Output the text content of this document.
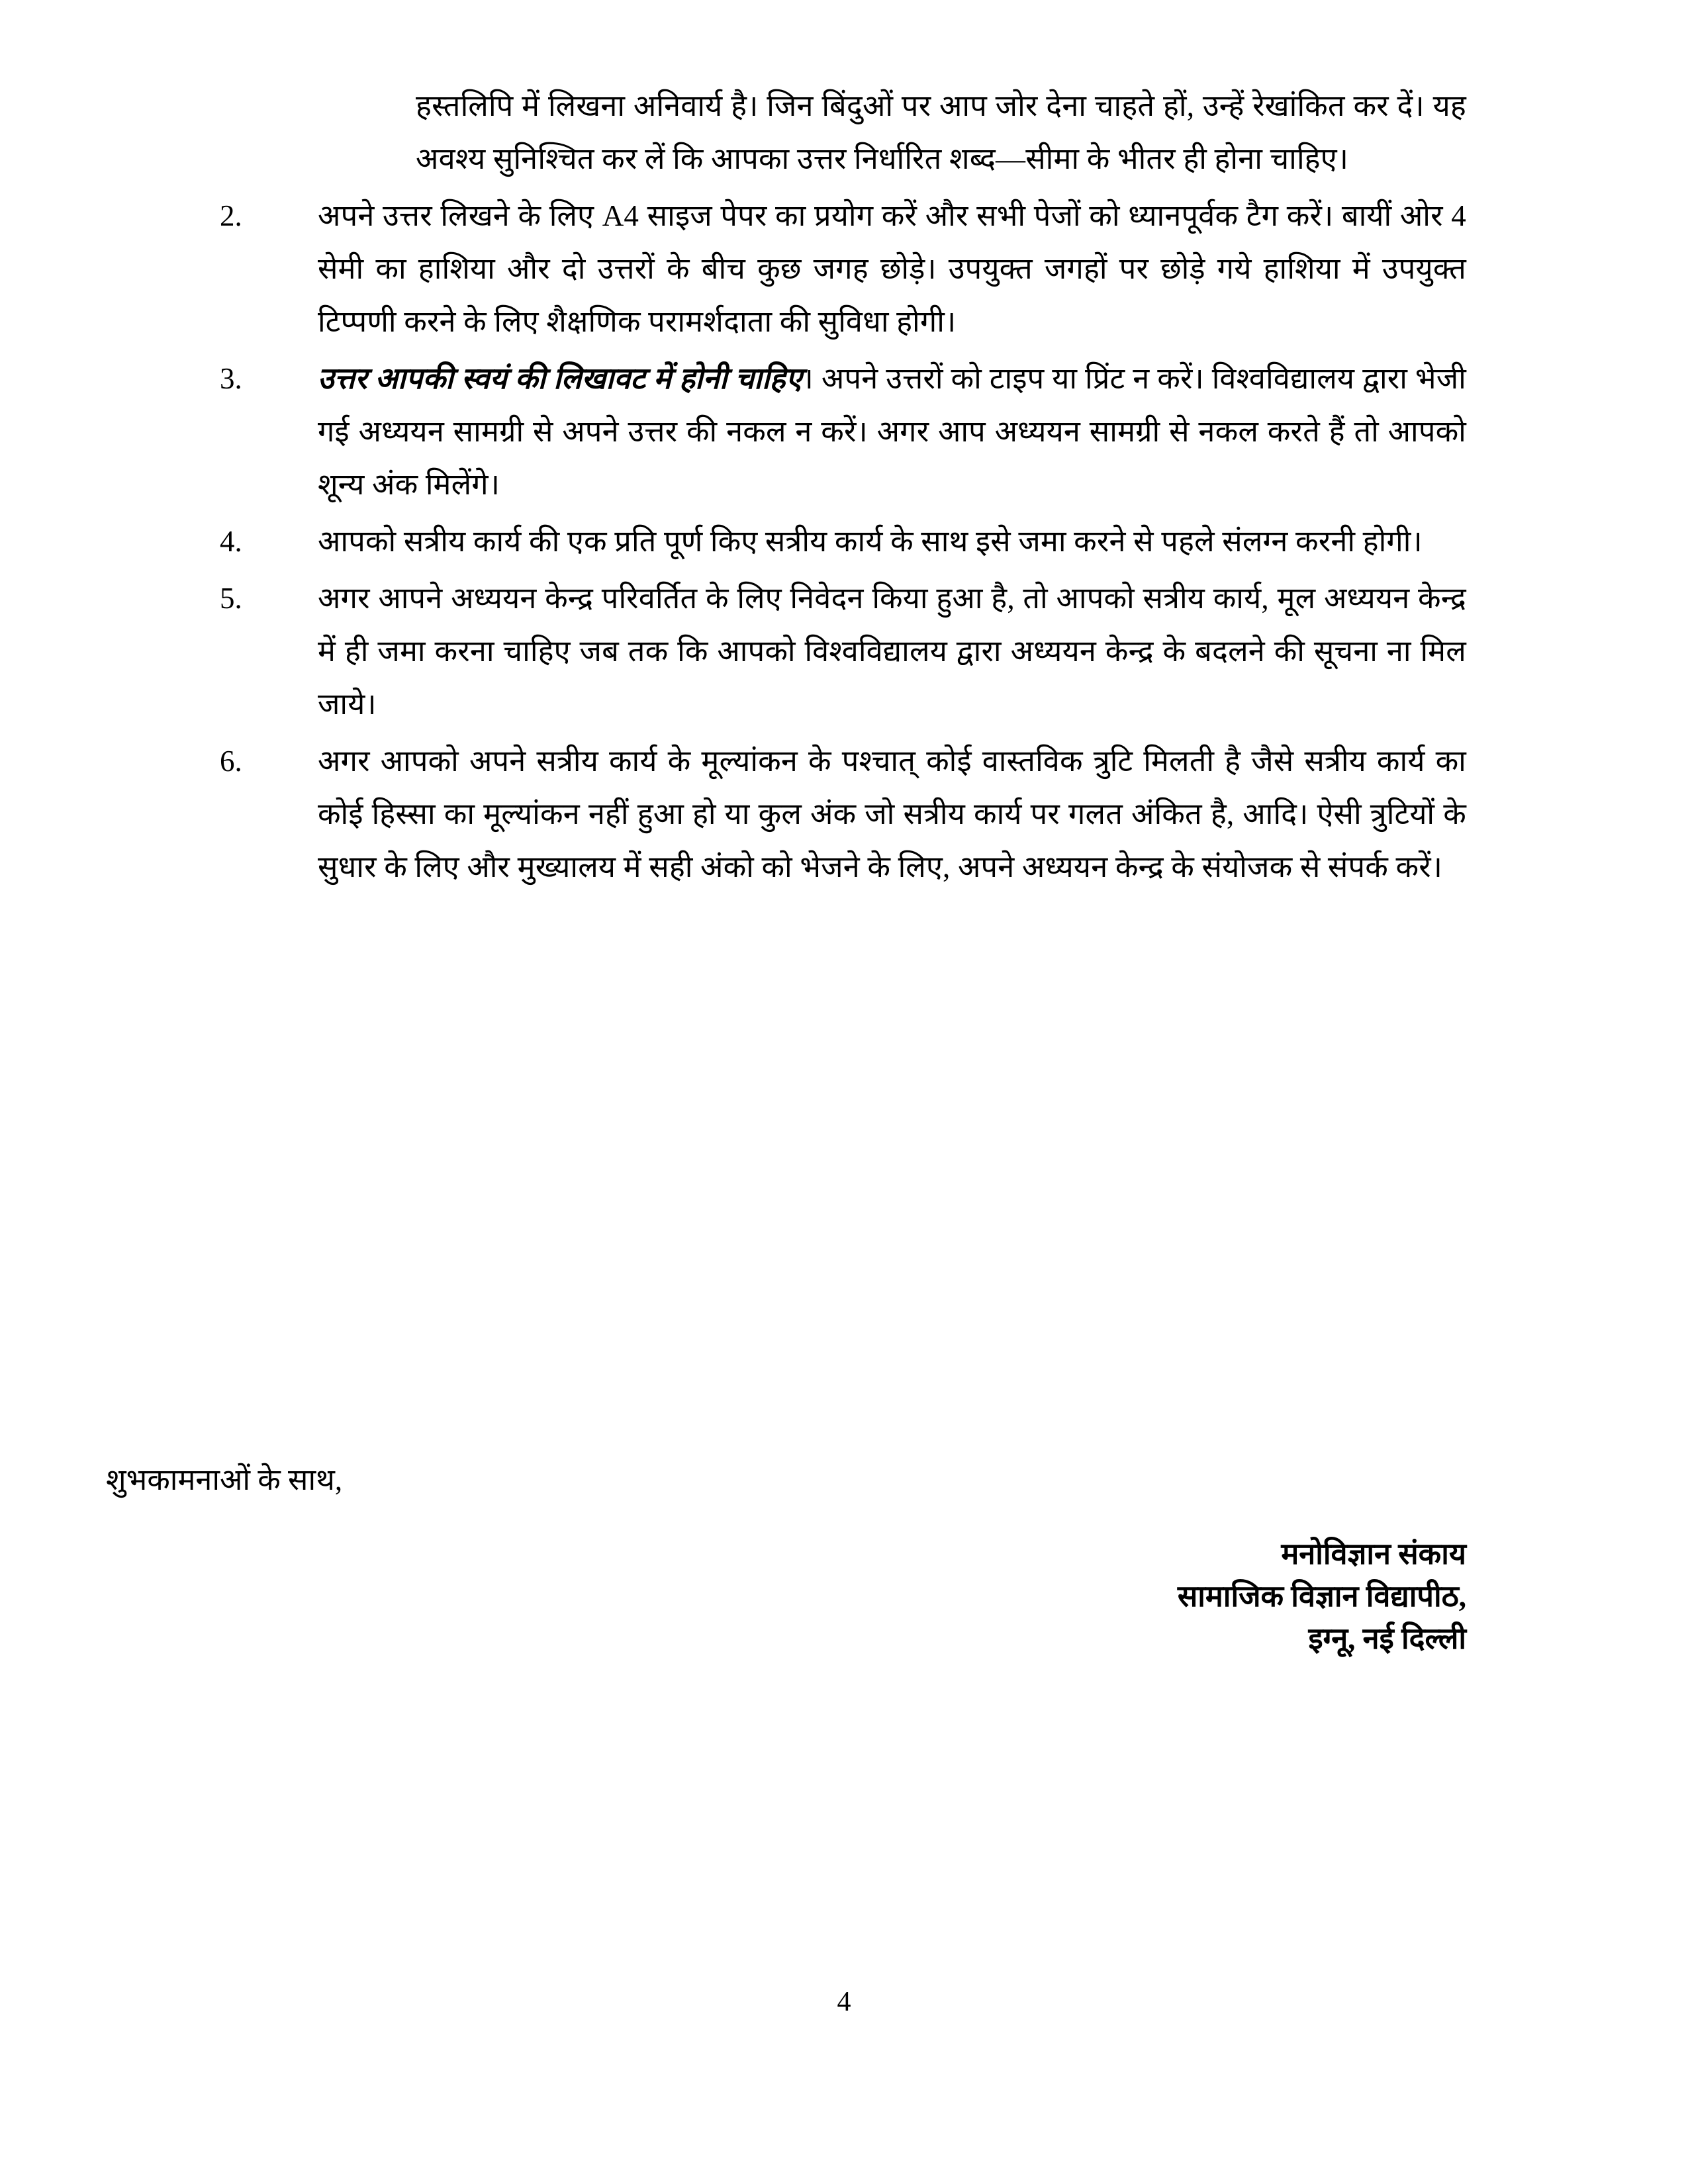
हस्तलिपि में लिखना अनिवार्य है। जिन बिंदुओं पर आप जोर देना चाहते हों, उन्हें रेखांकित कर दें। यह अवश्य सुनिश्चित कर लें कि आपका उत्तर निर्धारित शब्द—सीमा के भीतर ही होना चाहिए।

2.	अपने उत्तर लिखने के लिए A4 साइज पेपर का प्रयोग करें और सभी पेजों को ध्यानपूर्वक टैग करें। बायीं ओर 4 सेमी का हाशिया और दो उत्तरों के बीच कुछ जगह छोड़े। उपयुक्त जगहों पर छोड़े गये हाशिया में उपयुक्त टिप्पणी करने के लिए शैक्षणिक परामर्शदाता की सुविधा होगी।
3.	उत्तर आपकी स्वयं की लिखावट में होनी चाहिए। अपने उत्तरों को टाइप या प्रिंट न करें। विश्वविद्यालय द्वारा भेजी गई अध्ययन सामग्री से अपने उत्तर की नकल न करें। अगर आप अध्ययन सामग्री से नकल करते हैं तो आपको शून्य अंक मिलेंगे।
4.	आपको सत्रीय कार्य की एक प्रति पूर्ण किए सत्रीय कार्य के साथ इसे जमा करने से पहले संलग्न करनी होगी।
5.	अगर आपने अध्ययन केन्द्र परिवर्तित के लिए निवेदन किया हुआ है, तो आपको सत्रीय कार्य, मूल अध्ययन केन्द्र में ही जमा करना चाहिए जब तक कि आपको विश्वविद्यालय द्वारा अध्ययन केन्द्र के बदलने की सूचना ना मिल जाये।
6.	अगर आपको अपने सत्रीय कार्य के मूल्यांकन के पश्चात् कोई वास्तविक त्रुटि मिलती है जैसे सत्रीय कार्य का कोई हिस्सा का मूल्यांकन नहीं हुआ हो या कुल अंक जो सत्रीय कार्य पर गलत अंकित है, आदि। ऐसी त्रुटियों के सुधार के लिए और मुख्यालय में सही अंको को भेजने के लिए, अपने अध्ययन केन्द्र के संयोजक से संपर्क करें।
शुभकामनाओं के साथ,
मनोविज्ञान संकाय
सामाजिक विज्ञान विद्यापीठ,
इग्नू, नई दिल्ली
4
